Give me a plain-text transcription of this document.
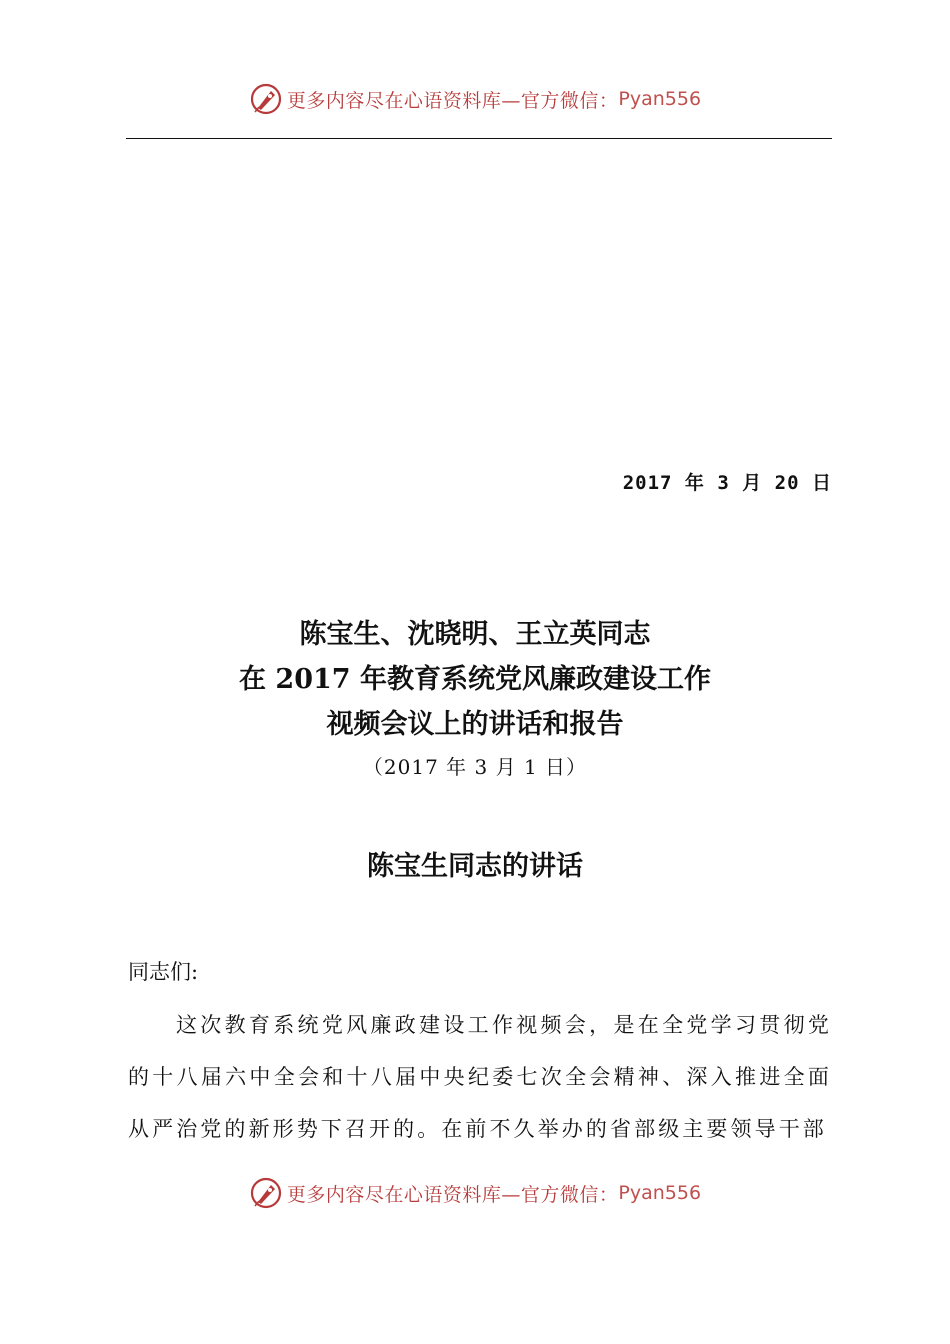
更多内容尽在心语资料库—官方微信： Pyan556
2017 年 3 月 20 日

陈宝生、沈晓明、王立英同志

在 2017 年教育系统党风廉政建设工作

视频会议上的讲话和报告

（2017 年 3 月 1 日）
陈宝生同志的讲话
同志们:

这次教育系统党风廉政建设工作视频会，是在全党学习贯彻党的十八届六中全会和十八届中央纪委七次全会精神、深入推进全面从严治党的新形势下召开的。在前不久举办的省部级主要领导干部

更多内容尽在心语资料库—官方微信： Pyan556
